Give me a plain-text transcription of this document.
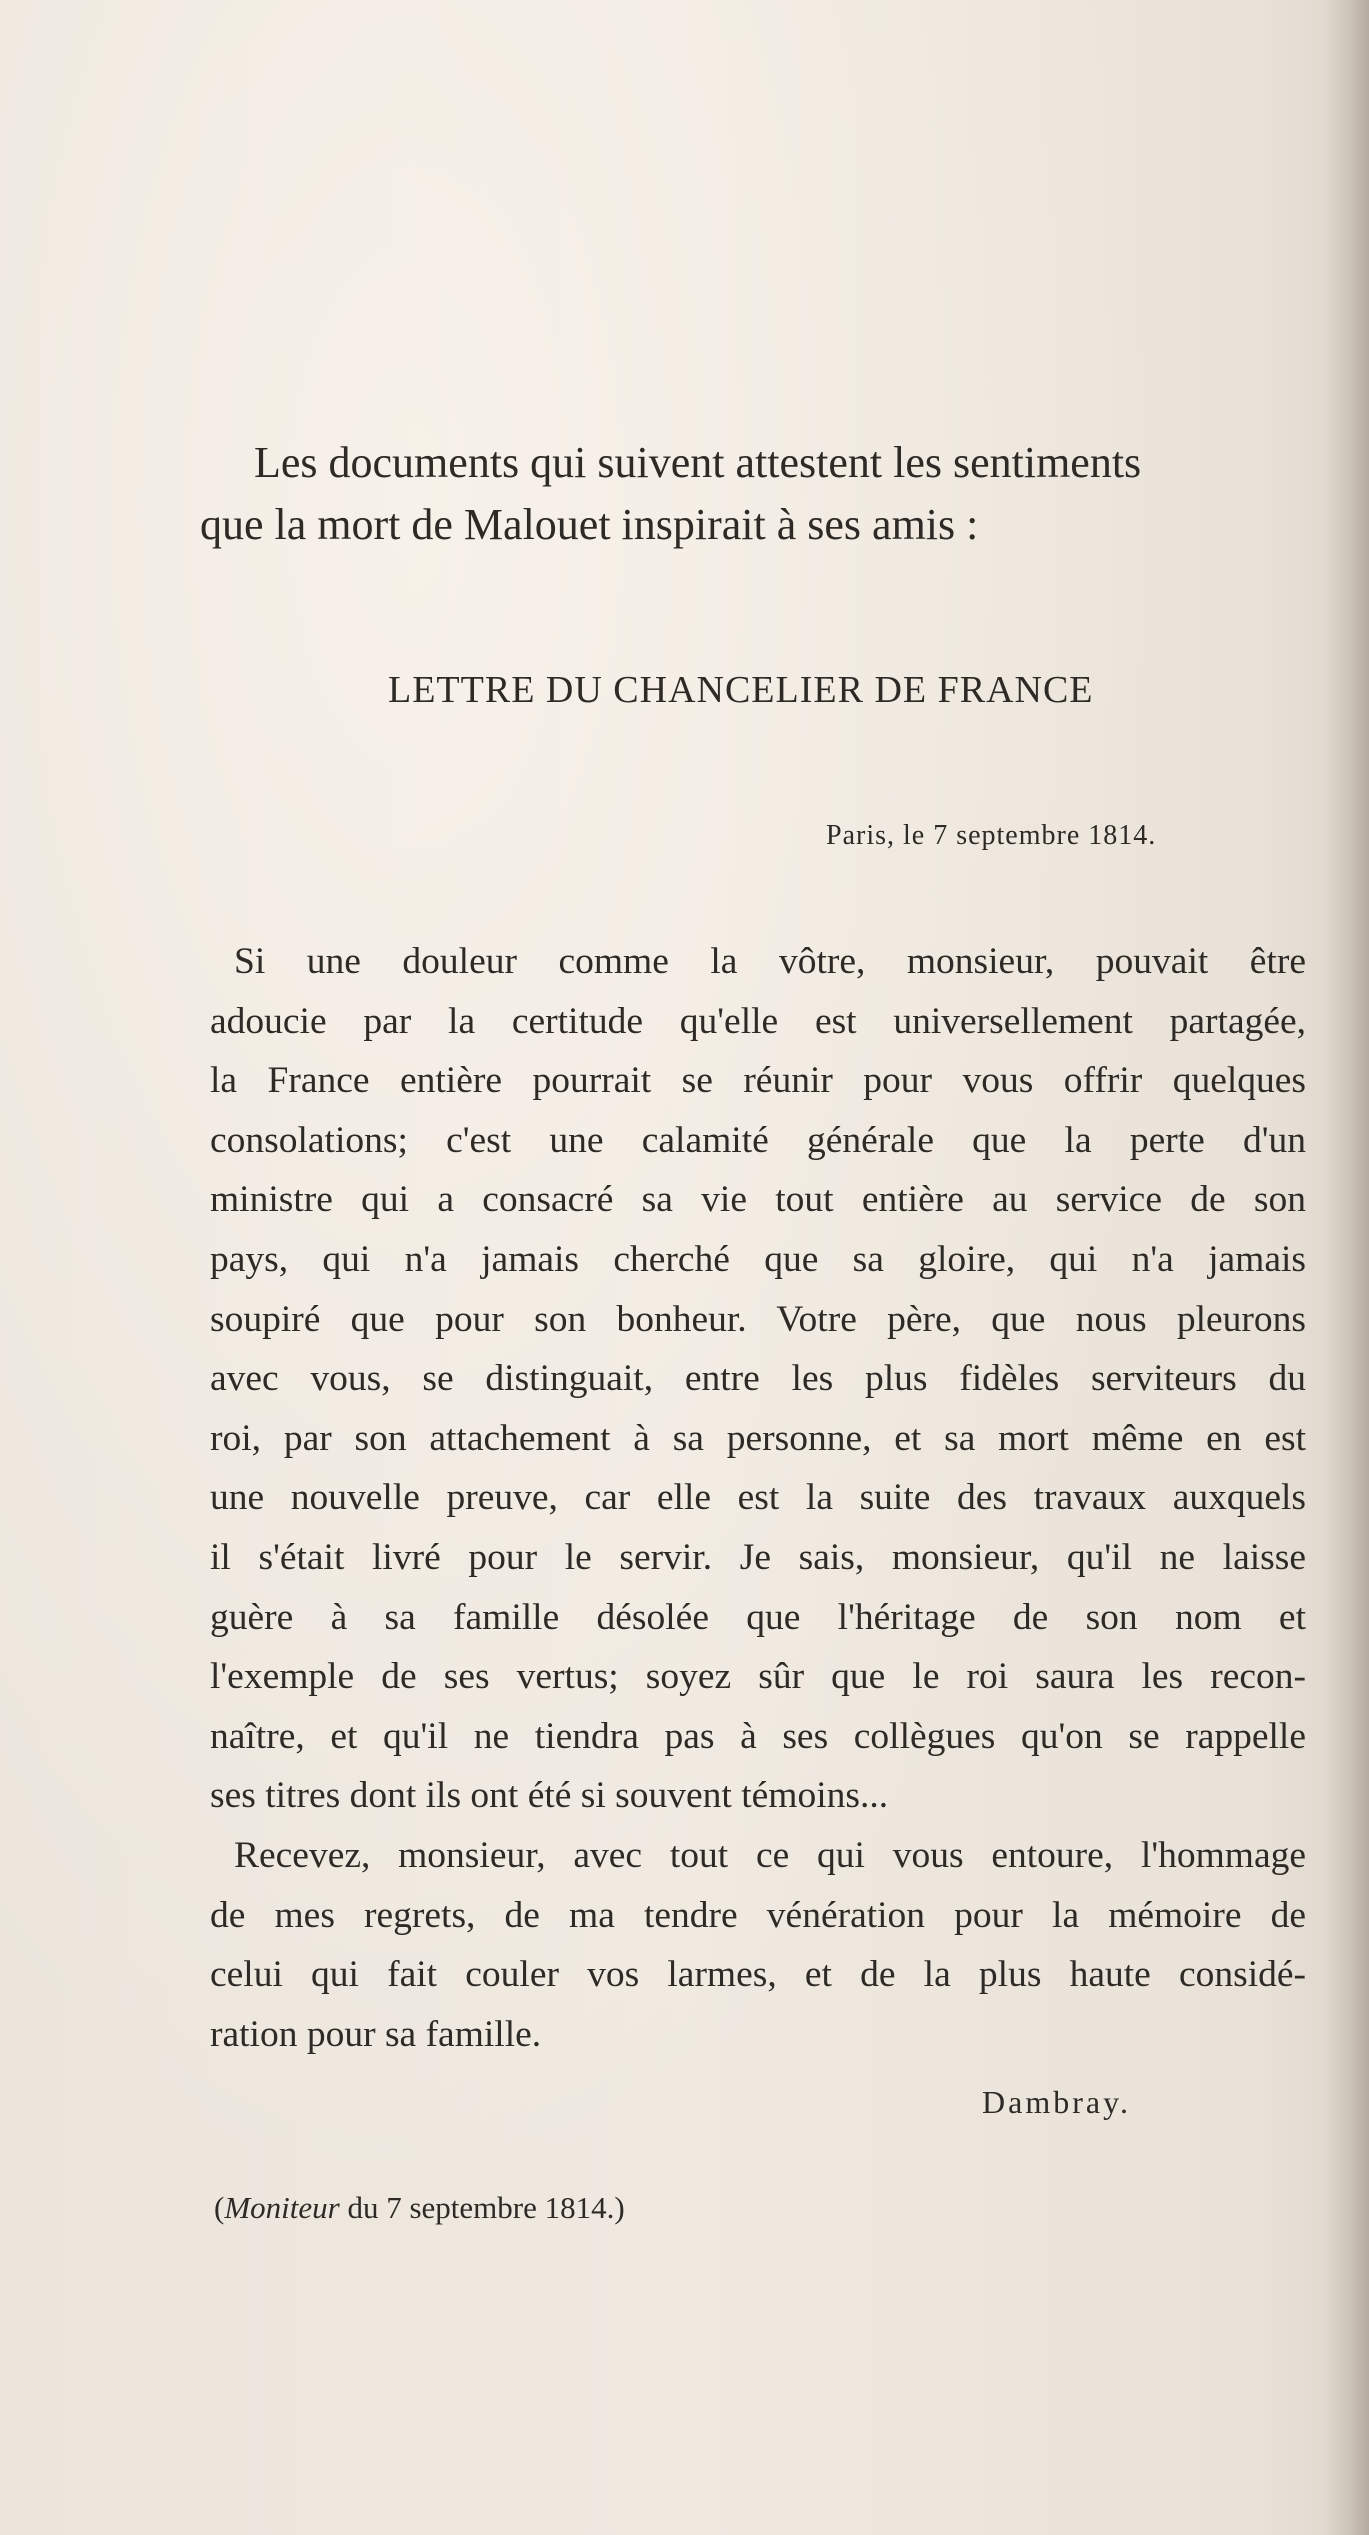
Les documents qui suivent attestent les sentiments
que la mort de Malouet inspirait à ses amis :

LETTRE DU CHANCELIER DE FRANCE

Paris, le 7 septembre 1814.

Si une douleur comme la vôtre, monsieur, pouvait être
adoucie par la certitude qu'elle est universellement partagée,
la France entière pourrait se réunir pour vous offrir quelques
consolations; c'est une calamité générale que la perte d'un
ministre qui a consacré sa vie tout entière au service de son
pays, qui n'a jamais cherché que sa gloire, qui n'a jamais
soupiré que pour son bonheur. Votre père, que nous pleurons
avec vous, se distinguait, entre les plus fidèles serviteurs du
roi, par son attachement à sa personne, et sa mort même en est
une nouvelle preuve, car elle est la suite des travaux auxquels
il s'était livré pour le servir. Je sais, monsieur, qu'il ne laisse
guère à sa famille désolée que l'héritage de son nom et
l'exemple de ses vertus; soyez sûr que le roi saura les recon-
naître, et qu'il ne tiendra pas à ses collègues qu'on se rappelle
ses titres dont ils ont été si souvent témoins...
Recevez, monsieur, avec tout ce qui vous entoure, l'hommage
de mes regrets, de ma tendre vénération pour la mémoire de
celui qui fait couler vos larmes, et de la plus haute considé-
ration pour sa famille.

Dambray.

(Moniteur du 7 septembre 1814.)
